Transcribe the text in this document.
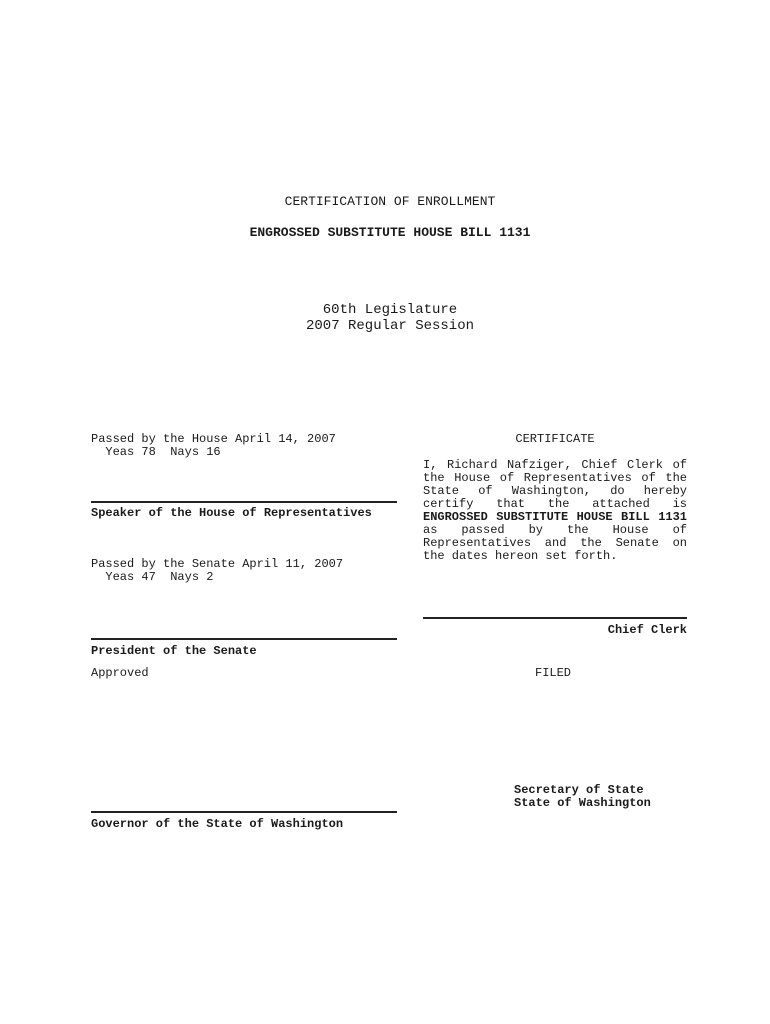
CERTIFICATION OF ENROLLMENT
ENGROSSED SUBSTITUTE HOUSE BILL 1131
60th Legislature
2007 Regular Session
Passed by the House April 14, 2007
Yeas 78  Nays 16
Speaker of the House of Representatives
Passed by the Senate April 11, 2007
Yeas 47  Nays 2
President of the Senate
Approved
Governor of the State of Washington
CERTIFICATE
I, Richard Nafziger, Chief Clerk of the House of Representatives of the State of Washington, do hereby certify that the attached is ENGROSSED SUBSTITUTE HOUSE BILL 1131 as passed by the House of Representatives and the Senate on the dates hereon set forth.
Chief Clerk
FILED
Secretary of State
State of Washington
